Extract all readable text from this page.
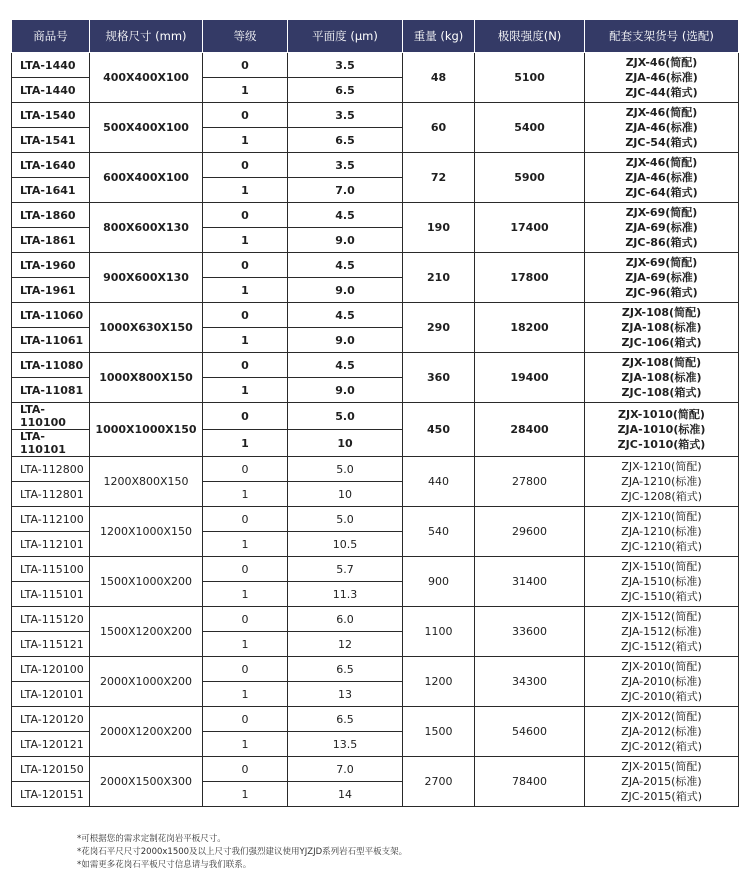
商品号	规格尺寸 (mm)	等级	平面度 (µm)	重量 (kg)	极限强度(N)	配套支架货号 (选配)
LTA-1440	400X400X100	0	3.5	48	5100	ZJX-46(简配)
ZJA-46(标准)
ZJC-44(箱式)

LTA-1440		1	6.5			
LTA-1540	500X400X100	0	3.5	60	5400	ZJX-46(简配)
ZJA-46(标准)
ZJC-54(箱式)

LTA-1541		1	6.5			
LTA-1640	600X400X100	0	3.5	72	5900	ZJX-46(简配)
ZJA-46(标准)
ZJC-64(箱式)

LTA-1641		1	7.0			
LTA-1860	800X600X130	0	4.5	190	17400	ZJX-69(简配)
ZJA-69(标准)
ZJC-86(箱式)

LTA-1861		1	9.0			
LTA-1960	900X600X130	0	4.5	210	17800	ZJX-69(简配)
ZJA-69(标准)
ZJC-96(箱式)

LTA-1961		1	9.0			
LTA-11060	1000X630X150	0	4.5	290	18200	ZJX-108(简配)
ZJA-108(标准)
ZJC-106(箱式)

LTA-11061		1	9.0			
LTA-11080	1000X800X150	0	4.5	360	19400	ZJX-108(简配)
ZJA-108(标准)
ZJC-108(箱式)

LTA-11081		1	9.0			
LTA-110100	1000X1000X150	0	5.0	450	28400	ZJX-1010(简配)
ZJA-1010(标准)
ZJC-1010(箱式)

LTA-110101		1	10			
LTA-112800	1200X800X150	0	5.0	440	27800	ZJX-1210(简配)
ZJA-1210(标准)
ZJC-1208(箱式)

LTA-112801		1	10			
LTA-112100	1200X1000X150	0	5.0	540	29600	ZJX-1210(简配)
ZJA-1210(标准)
ZJC-1210(箱式)

LTA-112101		1	10.5			
LTA-115100	1500X1000X200	0	5.7	900	31400	ZJX-1510(简配)
ZJA-1510(标准)
ZJC-1510(箱式)

LTA-115101		1	11.3			
LTA-115120	1500X1200X200	0	6.0	1100	33600	ZJX-1512(简配)
ZJA-1512(标准)
ZJC-1512(箱式)

LTA-115121		1	12			
LTA-120100	2000X1000X200	0	6.5	1200	34300	ZJX-2010(简配)
ZJA-2010(标准)
ZJC-2010(箱式)

LTA-120101		1	13			
LTA-120120	2000X1200X200	0	6.5	1500	54600	ZJX-2012(简配)
ZJA-2012(标准)
ZJC-2012(箱式)

LTA-120121		1	13.5			
LTA-120150	2000X1500X300	0	7.0	2700	78400	ZJX-2015(简配)
ZJA-2015(标准)
ZJC-2015(箱式)

LTA-120151		1	14			
*可根据您的需求定制花岗岩平板尺寸。
*花岗石平尺尺寸2000x1500及以上尺寸我们强烈建议使用YJZJD系列岩石型平板支架。
*如需更多花岗石平板尺寸信息请与我们联系。
